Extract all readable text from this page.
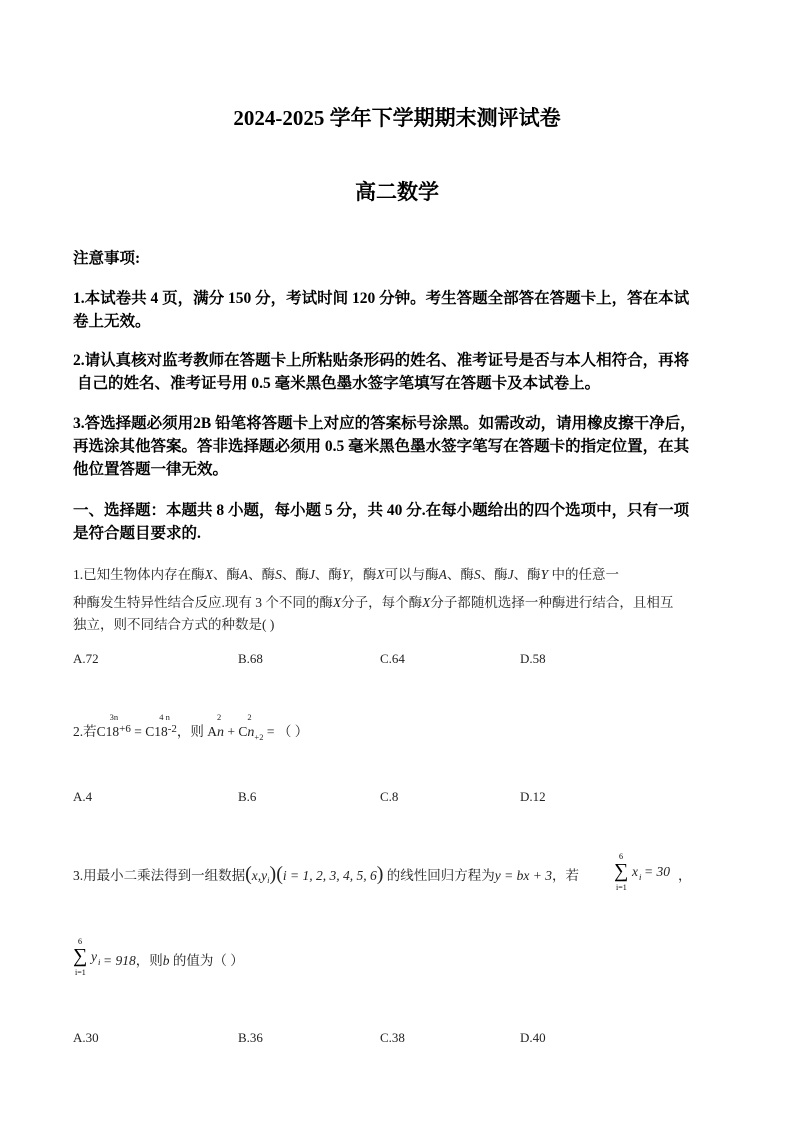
2024-2025 学年下学期期末测评试卷
高二数学
注意事项:
1.本试卷共 4 页，满分 150 分，考试时间 120 分钟。考生答题全部答在答题卡上，答在本试
卷上无效。
2.请认真核对监考教师在答题卡上所粘贴条形码的姓名、准考证号是否与本人相符合，再将
自己的姓名、准考证号用 0.5 毫米黑色墨水签字笔填写在答题卡及本试卷上。
3.答选择题必须用2B 铅笔将答题卡上对应的答案标号涂黑。如需改动，请用橡皮擦干净后，
再选涂其他答案。答非选择题必须用 0.5 毫米黑色墨水签字笔写在答题卡的指定位置，在其
他位置答题一律无效。
一、选择题：本题共 8 小题，每小题 5 分，共 40 分.在每小题给出的四个选项中，只有一项
是符合题目要求的.
1.已知生物体内存在酶X、酶A、酶S、酶J、酶Y，酶X可以与酶A、酶S、酶J、酶Y 中的任意一
种酶发生特异性结合反应.现有 3 个不同的酶X分子，每个酶X分子都随机选择一种酶进行结合，且相互
独立，则不同结合方式的种数是( )
A.72	B.68	C.64	D.58
2.若C
3n
$18^{+6} = C$
4 n
$18^{-2}$，则 A
2
n + C
2
$n_{+2}$ = （ ）
A.4	B.6	C.8	D.12
3.用最小二乘法得到一组数据$(x,y_i)(i = 1$, 2, 3, 4, 5, 6) 的线性回归方程为y = bx + 3，若
6
∑
i=1
x i = 30 ，
6
∑
i=1
y i = 918，则b 的值为（ ）
A.30	B.36	C.38	D.40
